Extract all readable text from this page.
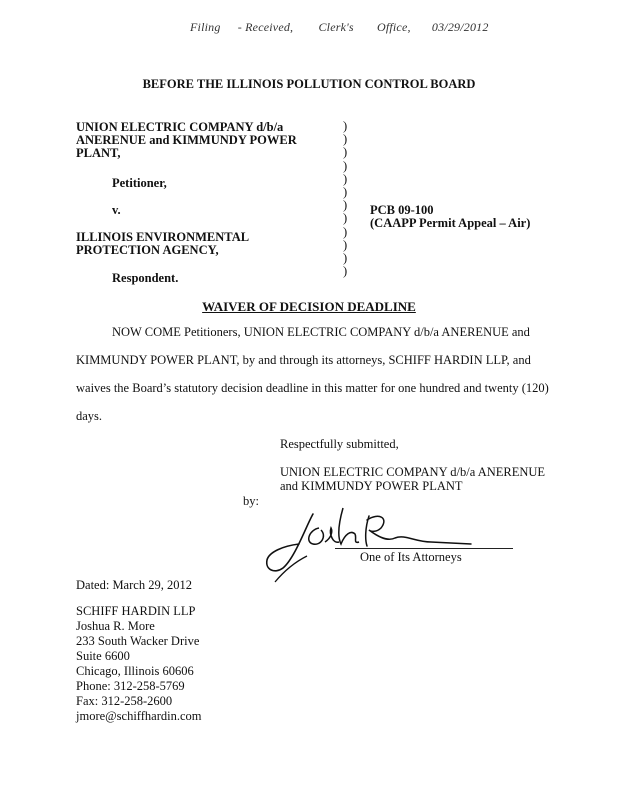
Filing - Received, Clerk's Office, 03/29/2012
BEFORE THE ILLINOIS POLLUTION CONTROL BOARD
UNION ELECTRIC COMPANY d/b/a
ANERENUE and KIMMUNDY POWER
PLANT,
Petitioner,
v.
ILLINOIS ENVIRONMENTAL
PROTECTION AGENCY,
Respondent.
)
)
)
)
)
)
)
)
)
)
)
)
PCB 09-100
(CAAPP Permit Appeal – Air)
WAIVER OF DECISION DEADLINE
NOW COME Petitioners, UNION ELECTRIC COMPANY d/b/a ANERENUE and
KIMMUNDY POWER PLANT, by and through its attorneys, SCHIFF HARDIN LLP, and
waives the Board’s statutory decision deadline in this matter for one hundred and twenty (120)
days.
Respectfully submitted,
UNION ELECTRIC COMPANY d/b/a ANERENUE
and KIMMUNDY POWER PLANT
by:
One of Its Attorneys
Dated: March 29, 2012
SCHIFF HARDIN LLP
Joshua R. More
233 South Wacker Drive
Suite 6600
Chicago, Illinois 60606
Phone: 312-258-5769
Fax: 312-258-2600
jmore@schiffhardin.com
